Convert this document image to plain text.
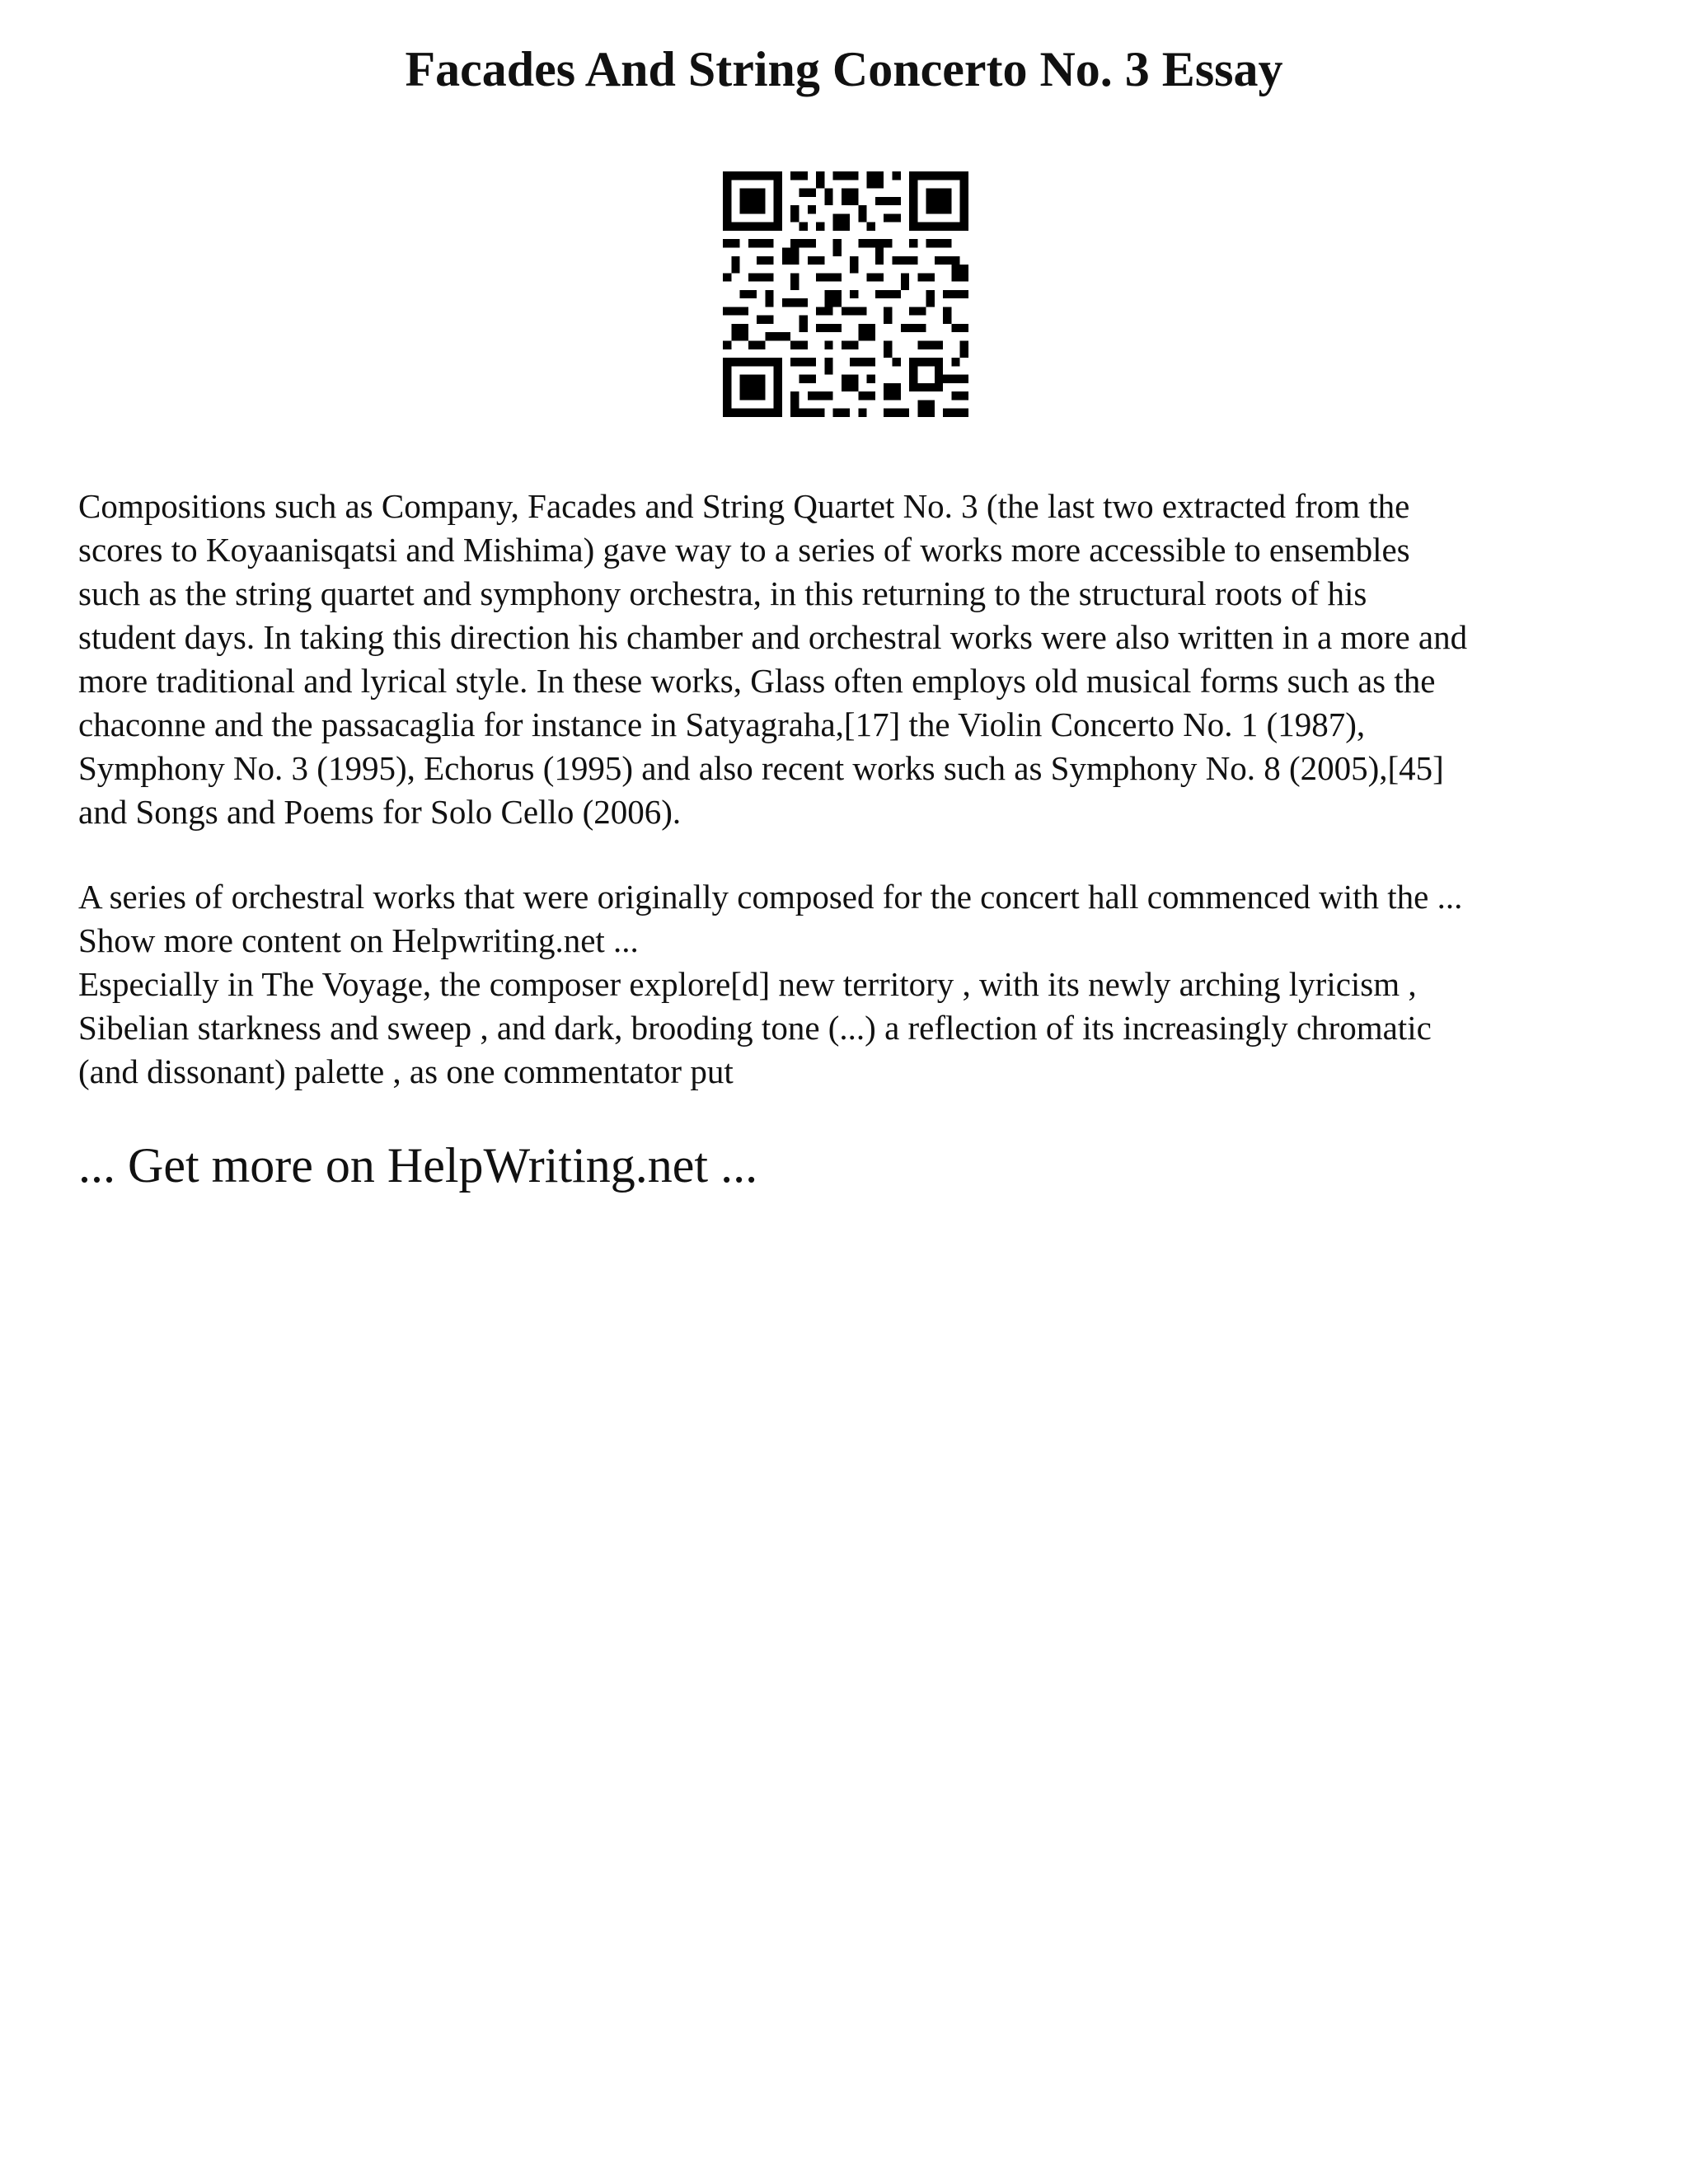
Facades And String Concerto No. 3 Essay
Compositions such as Company, Facades and String Quartet No. 3 (the last two extracted from the
scores to Koyaanisqatsi and Mishima) gave way to a series of works more accessible to ensembles
such as the string quartet and symphony orchestra, in this returning to the structural roots of his
student days. In taking this direction his chamber and orchestral works were also written in a more and
more traditional and lyrical style. In these works, Glass often employs old musical forms such as the
chaconne and the passacaglia for instance in Satyagraha,[17] the Violin Concerto No. 1 (1987),
Symphony No. 3 (1995), Echorus (1995) and also recent works such as Symphony No. 8 (2005),[45]
and Songs and Poems for Solo Cello (2006).
A series of orchestral works that were originally composed for the concert hall commenced with the ...
Show more content on Helpwriting.net ...
Especially in The Voyage, the composer explore[d] new territory , with its newly arching lyricism ,
Sibelian starkness and sweep , and dark, brooding tone (...) a reflection of its increasingly chromatic
(and dissonant) palette , as one commentator put

... Get more on HelpWriting.net ...
